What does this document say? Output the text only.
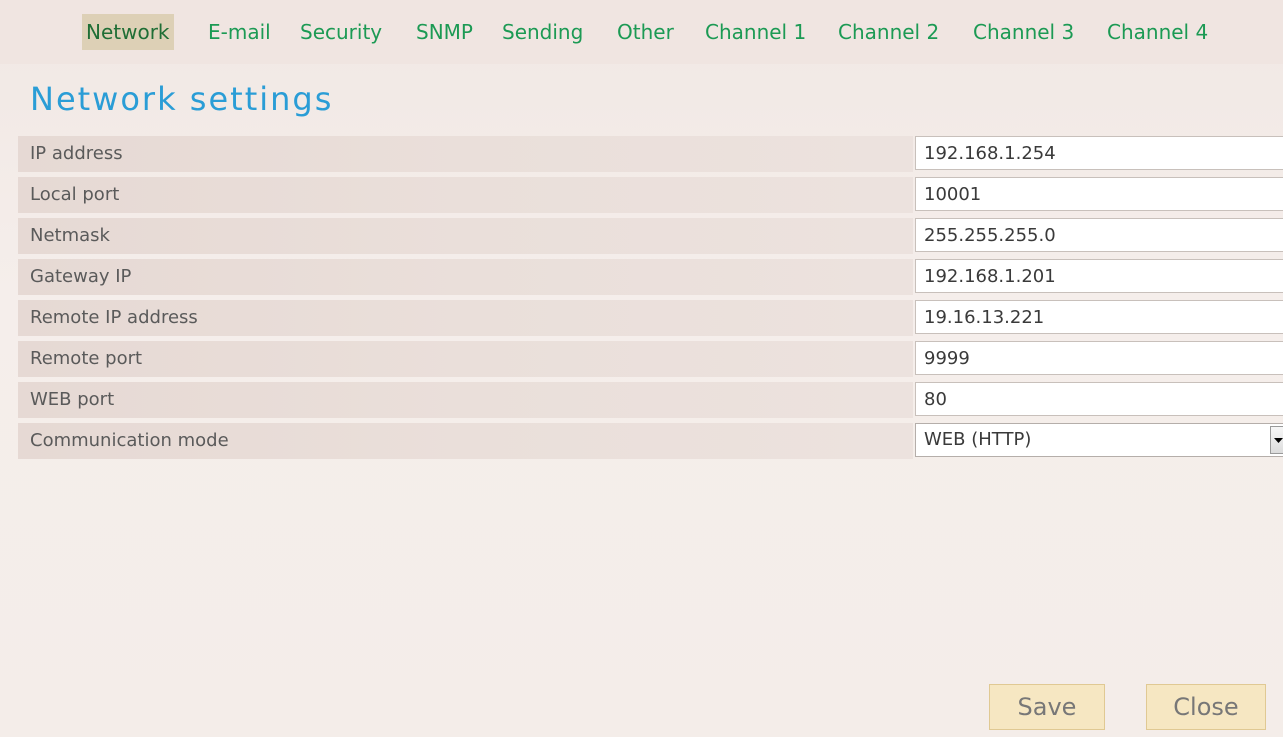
Network E-mail Security SNMP Sending Other Channel 1 Channel 2 Channel 3 Channel 4
Network settings
IP address
192.168.1.254
Local port
10001
Netmask
255.255.255.0
Gateway IP
192.168.1.201
Remote IP address
19.16.13.221
Remote port
9999
WEB port
80
Communication mode	WEB (HTTP)
Save	Close
